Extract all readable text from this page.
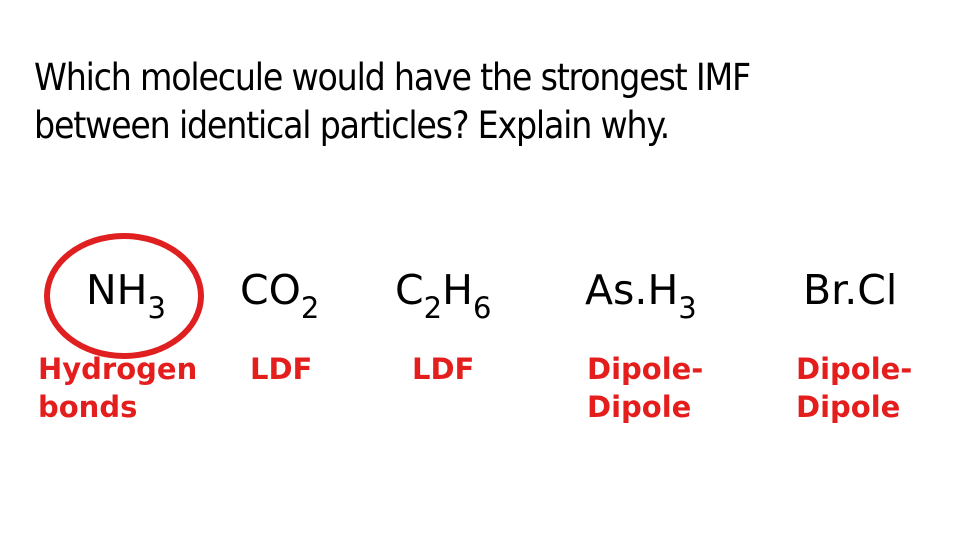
Which molecule would have the strongest IMF
between identical particles? Explain why.
$NH_3$
Hydrogen
bonds
$CO_2$
LDF
$C_2H_6$
LDF
$As.H_3$
Dipole-
Dipole
Br.Cl
Dipole-
Dipole
